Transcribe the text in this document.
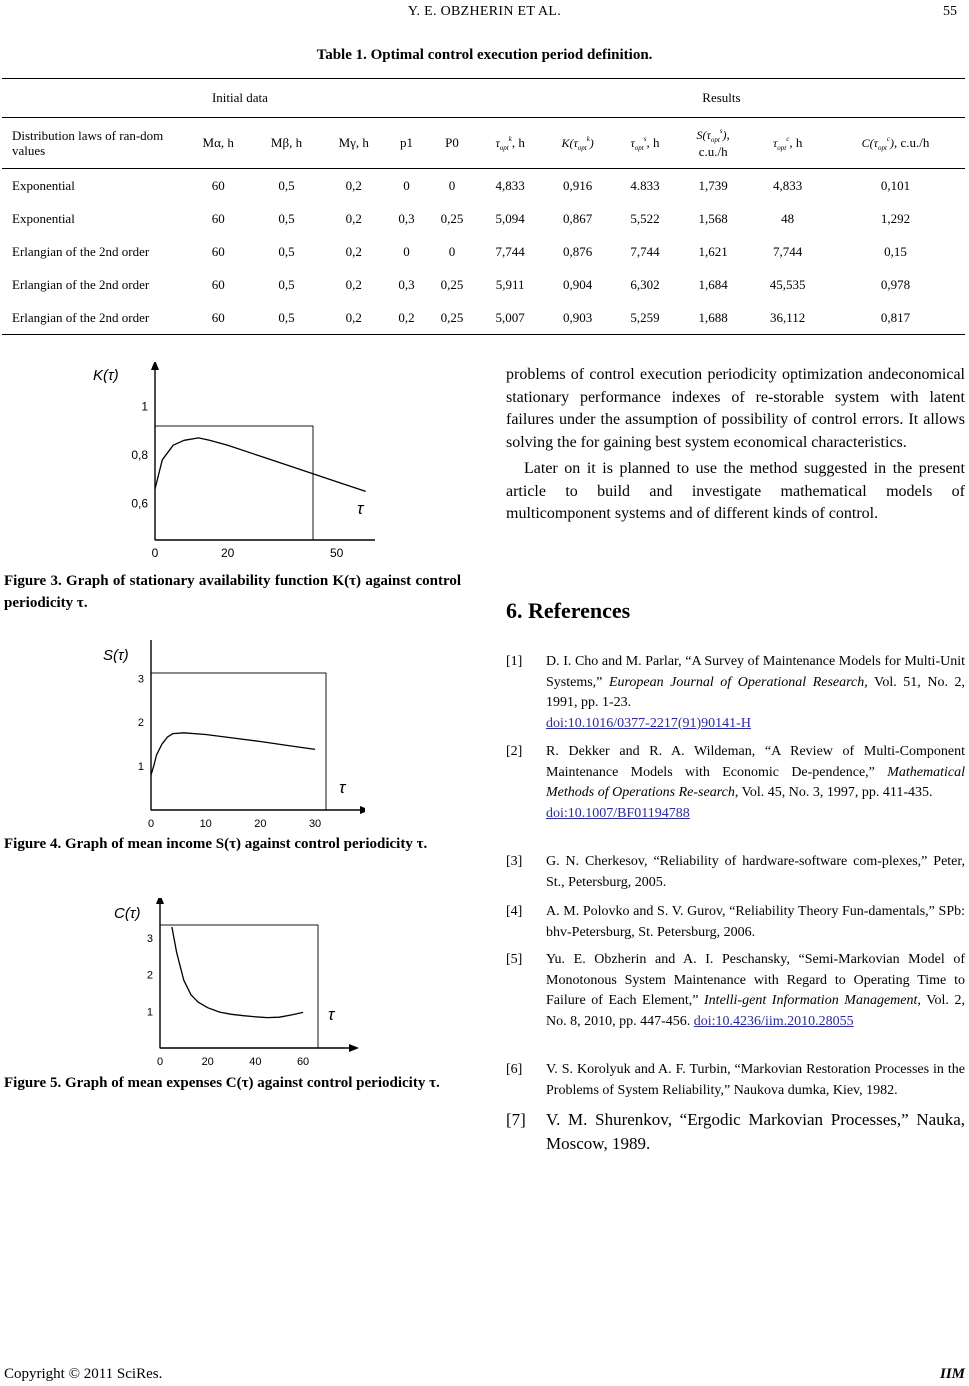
Y. E. OBZHERIN ET AL.	55
Table 1. Optimal control execution period definition.
Initial data						Results					
Distribution laws of ran-dom values	Mα, h	Mβ, h	Mγ, h	p1	P0	$\tau_{opt}^k$, h	$K(\tau_{opt}^k)$	$\tau_{opt}^s$, h	$S(\tau_{opt}^s)$,
c.u./h	$\tau_{opt}^c$, h	$C(\tau_{opt}^c)$, c.u./h
Exponential	60	0,5	0,2	0	0	4,833	0,916	4.833	1,739	4,833	0,101
Exponential	60	0,5	0,2	0,3	0,25	5,094	0,867	5,522	1,568	48	1,292
Erlangian of the 2nd order	60	0,5	0,2	0	0	7,744	0,876	7,744	1,621	7,744	0,15
Erlangian of the 2nd order	60	0,5	0,2	0,3	0,25	5,911	0,904	6,302	1,684	45,535	0,978
Erlangian of the 2nd order	60	0,5	0,2	0,2	0,25	5,007	0,903	5,259	1,688	36,112	0,817
1
0,8
0,6
0	20	50
K(τ)
τ
Figure 3. Graph of stationary availability function K(τ) against control periodicity τ.
3
2
1
0	10	20	30
S(τ)
τ
Figure 4. Graph of mean income S(τ) against control periodicity τ.
3
2
1
0	20	40	60
C(τ)
τ
Figure 5. Graph of mean expenses C(τ) against control periodicity τ.

problems of control execution periodicity optimization andeconomical stationary performance indexes of re-storable system with latent failures under the assumption of possibility of control errors. It allows solving the for gaining best system economical characteristics.

Later on it is planned to use the method suggested in the present article to build and investigate mathematical models of multicomponent systems and of different kinds of control.

6. References
[1] D. I. Cho and M. Parlar, “A Survey of Maintenance Models for Multi-Unit Systems,” European Journal of Operational Research, Vol. 51, No. 2, 1991, pp. 1-23.
doi:10.1016/0377-2217(91)90141-H
[2] R. Dekker and R. A. Wildeman, “A Review of Multi-Component Maintenance Models with Economic De-pendence,” Mathematical Methods of Operations Re-search, Vol. 45, No. 3, 1997, pp. 411-435.
doi:10.1007/BF01194788
[3] G. N. Cherkesov, “Reliability of hardware-software com-plexes,” Peter, St., Petersburg, 2005.
[4] A. M. Polovko and S. V. Gurov, “Reliability Theory Fun-damentals,” SPb: bhv-Petersburg, St. Petersburg, 2006.
[5] Yu. E. Obzherin and A. I. Peschansky, “Semi-Markovian Model of Monotonous System Maintenance with Regard to Operating Time to Failure of Each Element,” Intelli-gent Information Management, Vol. 2, No. 8, 2010, pp. 447-456. doi:10.4236/iim.2010.28055
[6] V. S. Korolyuk and A. F. Turbin, “Markovian Restoration Processes in the Problems of System Reliability,” Naukova dumka, Kiev, 1982.
[7] V. M. Shurenkov, “Ergodic Markovian Processes,” Nauka, Moscow, 1989.
Copyright © 2011 SciRes.	IIM
